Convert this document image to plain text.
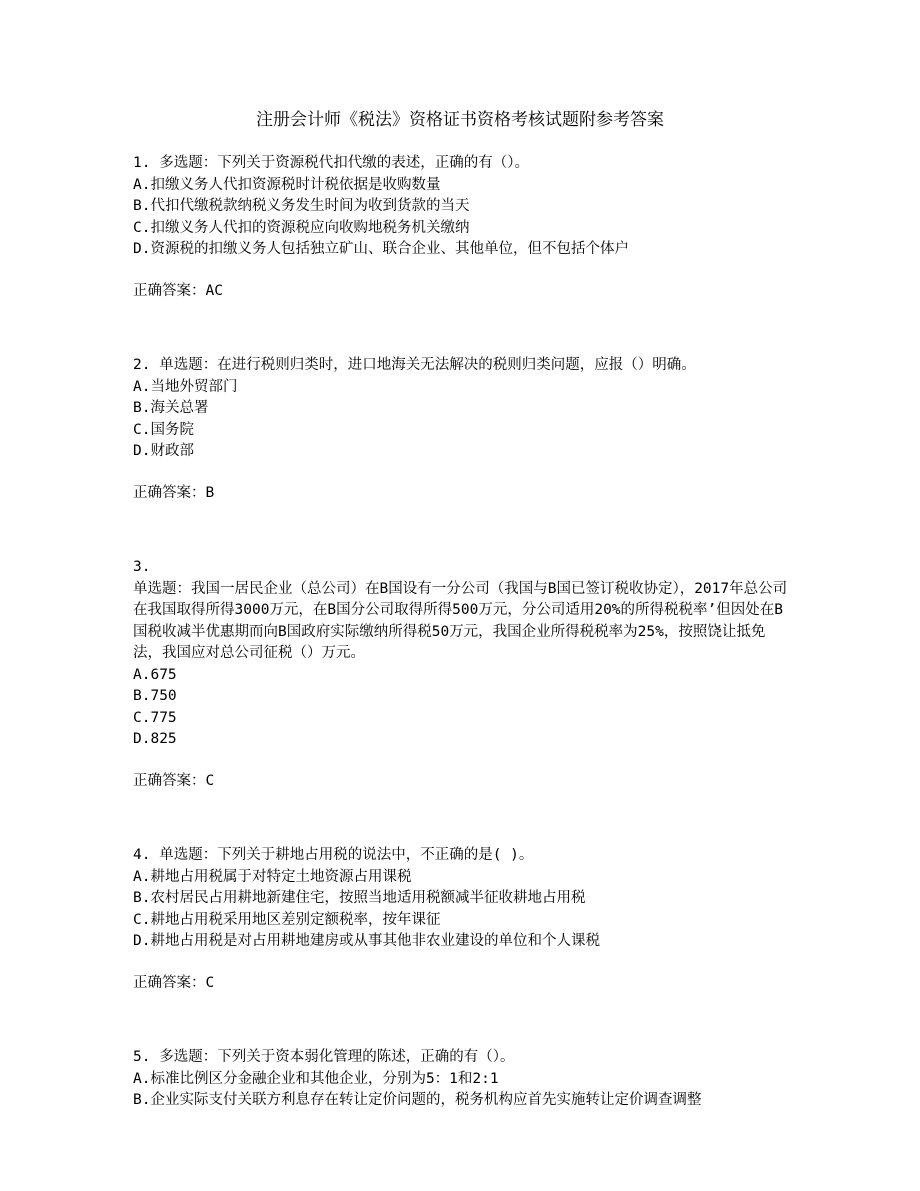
注册会计师《税法》资格证书资格考核试题附参考答案
1. 多选题：下列关于资源税代扣代缴的表述，正确的有（）。
A.扣缴义务人代扣资源税时计税依据是收购数量
B.代扣代缴税款纳税义务发生时间为收到货款的当天
C.扣缴义务人代扣的资源税应向收购地税务机关缴纳
D.资源税的扣缴义务人包括独立矿山、联合企业、其他单位，但不包括个体户
正确答案：AC
2. 单选题：在进行税则归类时，进口地海关无法解决的税则归类问题，应报（）明确。
A.当地外贸部门
B.海关总署
C.国务院
D.财政部
正确答案：B
3.
单选题：我国一居民企业（总公司）在B国设有一分公司（我国与B国已签订税收协定），2017年总公司在我国取得所得3000万元，在B国分公司取得所得500万元，分公司适用20%的所得税税率’但因处在B国税收减半优惠期而向B国政府实际缴纳所得税50万元，我国企业所得税税率为25%，按照饶让抵免法，我国应对总公司征税（）万元。
A.675
B.750
C.775
D.825
正确答案：C
4. 单选题：下列关于耕地占用税的说法中，不正确的是( )。
A.耕地占用税属于对特定土地资源占用课税
B.农村居民占用耕地新建住宅，按照当地适用税额减半征收耕地占用税
C.耕地占用税采用地区差别定额税率，按年课征
D.耕地占用税是对占用耕地建房或从事其他非农业建设的单位和个人课税
正确答案：C
5. 多选题：下列关于资本弱化管理的陈述，正确的有（）。
A.标准比例区分金融企业和其他企业，分别为5：1和2:1
B.企业实际支付关联方利息存在转让定价问题的，税务机构应首先实施转让定价调查调整
